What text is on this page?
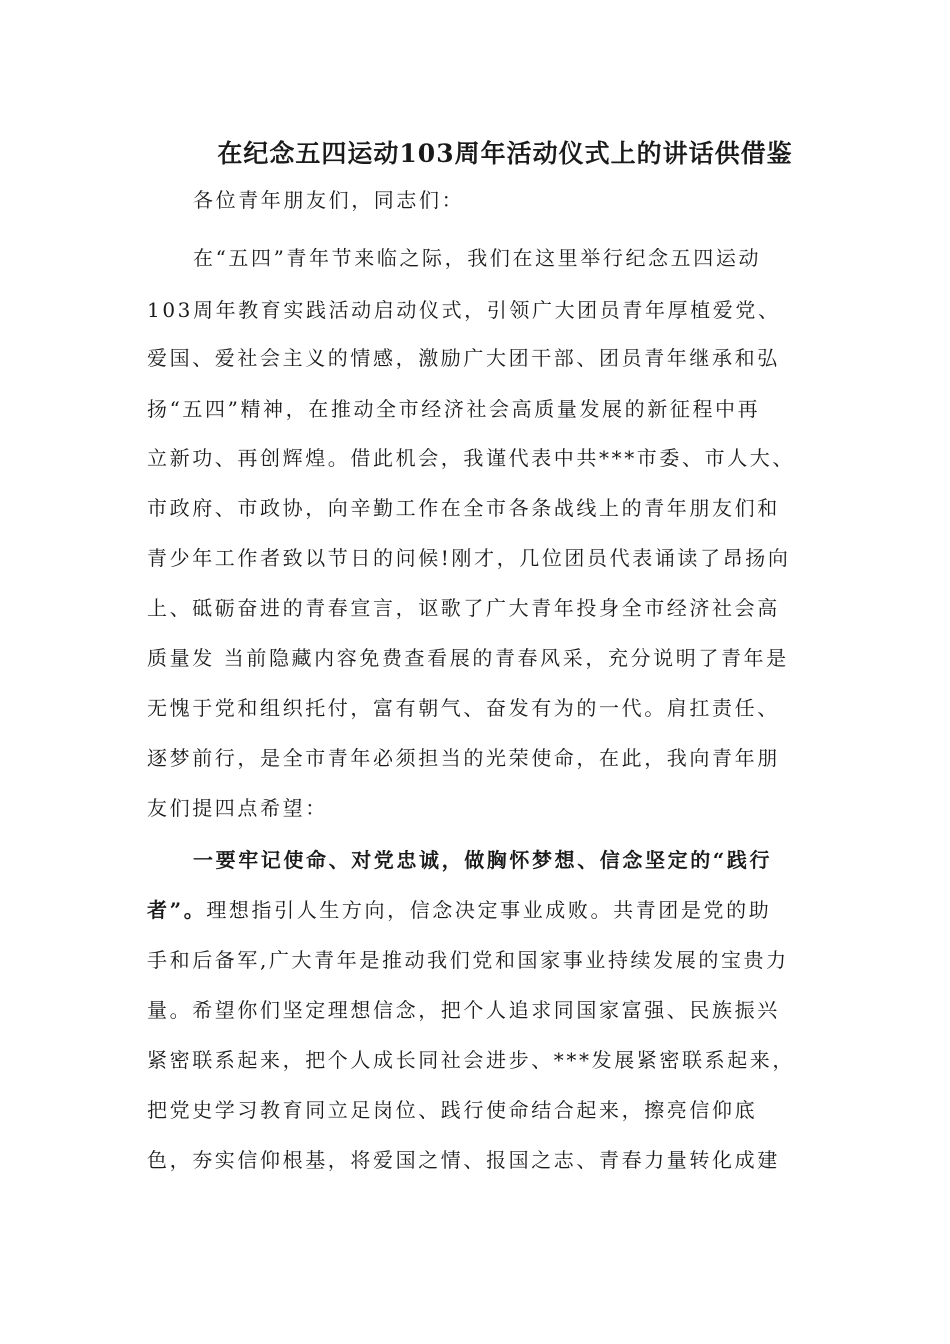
在纪念五四运动103周年活动仪式上的讲话供借鉴
各位青年朋友们，同志们：
在“五四”青年节来临之际，我们在这里举行纪念五四运动
103周年教育实践活动启动仪式，引领广大团员青年厚植爱党、
爱国、爱社会主义的情感，激励广大团干部、团员青年继承和弘
扬“五四”精神，在推动全市经济社会高质量发展的新征程中再
立新功、再创辉煌。借此机会，我谨代表中共***市委、市人大、
市政府、市政协，向辛勤工作在全市各条战线上的青年朋友们和
青少年工作者致以节日的问候!刚才，几位团员代表诵读了昂扬向
上、砥砺奋进的青春宣言，讴歌了广大青年投身全市经济社会高
质量发 当前隐藏内容免费查看展的青春风采，充分说明了青年是
无愧于党和组织托付，富有朝气、奋发有为的一代。肩扛责任、
逐梦前行，是全市青年必须担当的光荣使命，在此，我向青年朋
友们提四点希望：
一要牢记使命、对党忠诚，做胸怀梦想、信念坚定的“践行
者”。理想指引人生方向，信念决定事业成败。共青团是党的助
手和后备军,广大青年是推动我们党和国家事业持续发展的宝贵力
量。希望你们坚定理想信念，把个人追求同国家富强、民族振兴
紧密联系起来，把个人成长同社会进步、***发展紧密联系起来，
把党史学习教育同立足岗位、践行使命结合起来，擦亮信仰底
色，夯实信仰根基，将爱国之情、报国之志、青春力量转化成建
